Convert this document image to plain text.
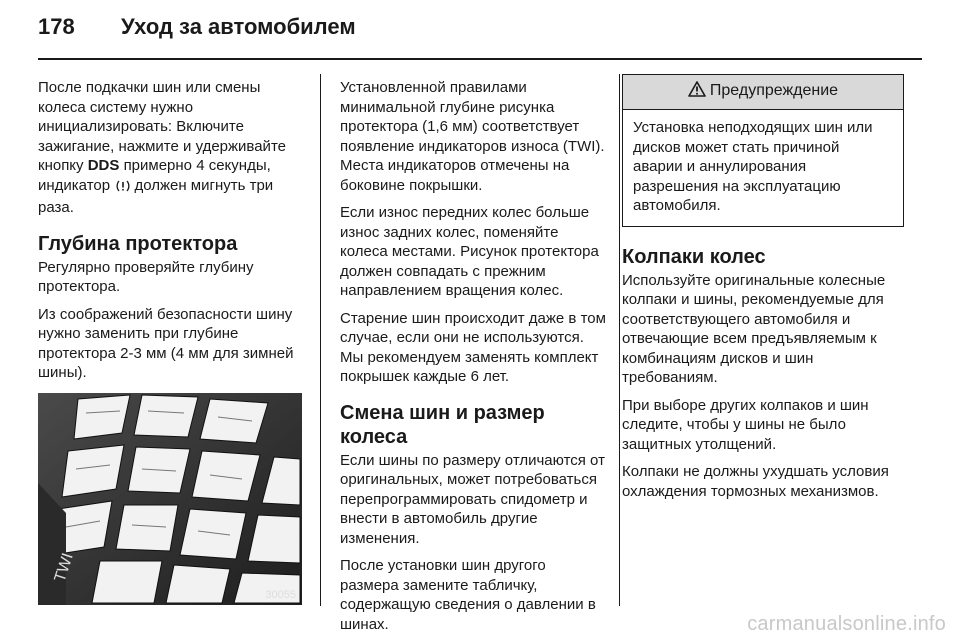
178 Уход за автомобилем

После подкачки шин или смены колеса систему нужно инициализировать: Включите зажигание, нажмите и удерживайте кнопку DDS примерно 4 секунды, индикатор должен мигнуть три раза.

Глубина протектора

Регулярно проверяйте глубину протектора.

Из соображений безопасности шину нужно заменить при глубине протектора 2-3 мм (4 мм для зимней шины).

TWI
30055

Установленной правилами минимальной глубине рисунка протектора (1,6 мм) соответствует появление индикаторов износа (TWI). Места индикаторов отмечены на боковине покрышки.

Если износ передних колес больше износ задних колес, поменяйте колеса местами. Рисунок протектора должен совпадать с прежним направлением вращения колес.

Старение шин происходит даже в том случае, если они не используются. Мы рекомендуем заменять комплект покрышек каждые 6 лет.

Смена шин и размер колеса

Если шины по размеру отличаются от оригинальных, может потребоваться перепрограммировать спидометр и внести в автомобиль другие изменения.

После установки шин другого размера замените табличку, содержащую сведения о давлении в шинах.

Предупреждение
Установка неподходящих шин или дисков может стать причиной аварии и аннулирования разрешения на эксплуатацию автомобиля.
Колпаки колес

Используйте оригинальные колесные колпаки и шины, рекомендуемые для соответствующего автомобиля и отвечающие всем предъявляемым к комбинациям дисков и шин требованиям.

При выборе других колпаков и шин следите, чтобы у шины не было защитных утолщений.

Колпаки не должны ухудшать условия охлаждения тормозных механизмов.

carmanualsonline.info
